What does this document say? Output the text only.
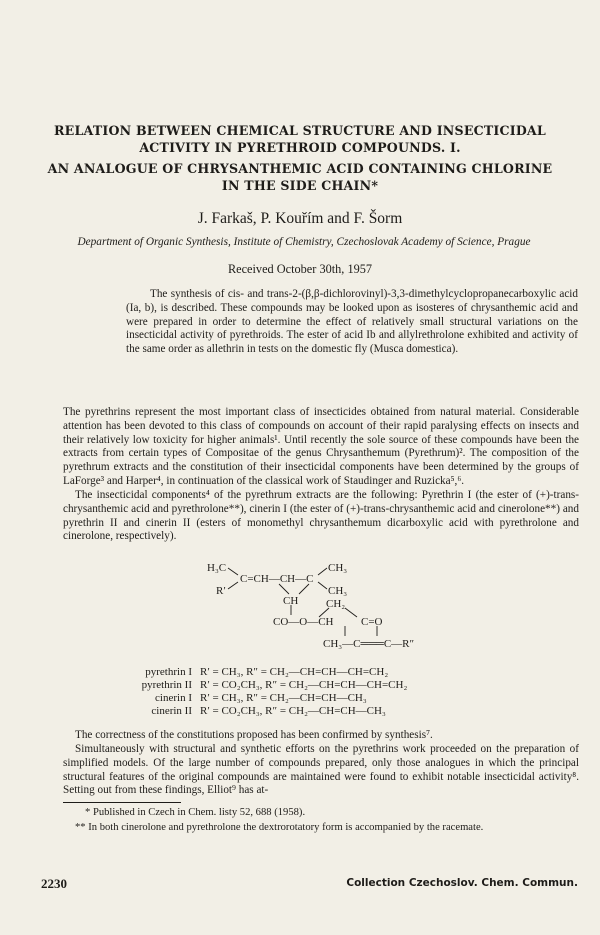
RELATION BETWEEN CHEMICAL STRUCTURE AND INSECTICIDAL
ACTIVITY IN PYRETHROID COMPOUNDS. I.
AN ANALOGUE OF CHRYSANTHEMIC ACID CONTAINING CHLORINE
IN THE SIDE CHAIN*
J. Farkaš, P. Kouřím and F. Šorm
Department of Organic Synthesis, Institute of Chemistry, Czechoslovak Academy of Science, Prague
Received October 30th, 1957

The synthesis of cis- and trans-2-(β,β-dichlorovinyl)-3,3-dimethylcyclopropanecarboxylic acid (Ia, b), is described. These compounds may be looked upon as isosteres of chrysanthemic acid and were prepared in order to determine the effect of relatively small structural variations on the insecticidal activity of pyrethroids. The ester of acid Ib and allylrethrolone exhibited and activity of the same order as allethrin in tests on the domestic fly (Musca domestica).

The pyrethrins represent the most important class of insecticides obtained from natural material. Considerable attention has been devoted to this class of compounds on account of their rapid paralysing effects on insects and their relatively low toxicity for higher animals¹. Until recently the sole source of these compounds have been the extracts from certain types of Compositae of the genus Chrysanthemum (Pyrethrum)². The composition of the pyrethrum extracts and the constitution of their insecticidal components have been determined by the groups of LaForge³ and Harper⁴, in continuation of the classical work of Staudinger and Ruzicka⁵,⁶.

The insecticidal components⁴ of the pyrethrum extracts are the following: Pyrethrin I (the ester of (+)-trans-chrysanthemic acid and pyrethrolone**), cinerin I (the ester of (+)-trans-chrysanthemic acid and cinerolone**) and pyrethrin II and cinerin II (esters of monomethyl chrysanthemum dicarboxylic acid with pyrethrolone and cinerolone, respectively).

H₃C
R′
C=CH—CH—C
CH₃
CH₃
CH	CH₂
CO—O—CH C=O
CH₃—C═══C—R″
pyrethrin I R′ = CH₃, R″ = CH₂—CH=CH—CH=CH₂
pyrethrin II R′ = CO₂CH₃, R″ = CH₂—CH=CH—CH=CH₂
cinerin I R′ = CH₃, R″ = CH₂—CH=CH—CH₃
cinerin II R′ = CO₂CH₃, R″ = CH₂—CH=CH—CH₃

The correctness of the constitutions proposed has been confirmed by synthesis⁷.

Simultaneously with structural and synthetic efforts on the pyrethrins work proceeded on the preparation of simplified models. Of the large number of compounds prepared, only those analogues in which the principal structural features of the original compounds are maintained were found to exhibit notable insecticidal activity⁸. Setting out from these findings, Elliot⁹ has at-

* Published in Czech in Chem. listy 52, 688 (1958).

** In both cinerolone and pyrethrolone the dextrorotatory form is accompanied by the racemate.

2230	Collection Czechoslov. Chem. Commun.
